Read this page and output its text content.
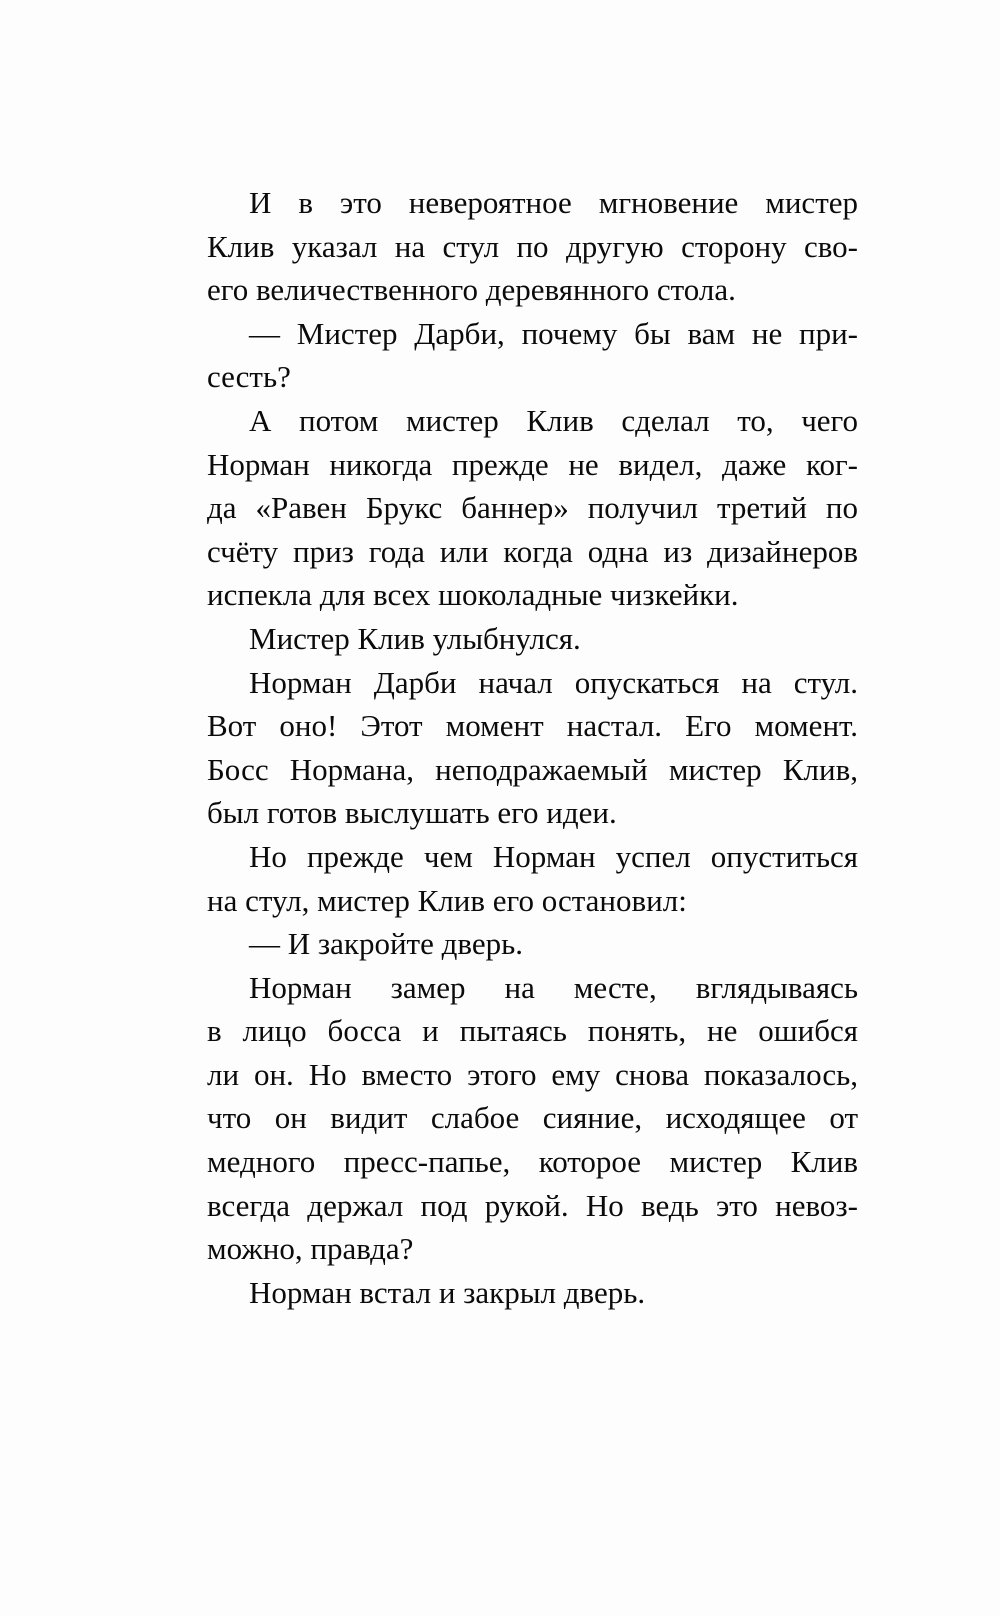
И в это невероятное мгновение мистер
Клив указал на стул по другую сторону сво-
его величественного деревянного стола.

— Мистер Дарби, почему бы вам не при-
сесть?

А потом мистер Клив сделал то, чего
Норман никогда прежде не видел, даже ког-
да «Равен Брукс баннер» получил третий по
счёту приз года или когда одна из дизайнеров
испекла для всех шоколадные чизкейки.

Мистер Клив улыбнулся.

Норман Дарби начал опускаться на стул.
Вот оно! Этот момент настал. Его момент.
Босс Нормана, неподражаемый мистер Клив,
был готов выслушать его идеи.

Но прежде чем Норман успел опуститься
на стул, мистер Клив его остановил:

— И закройте дверь.

Норман замер на месте, вглядываясь
в лицо босса и пытаясь понять, не ошибся
ли он. Но вместо этого ему снова показалось,
что он видит слабое сияние, исходящее от
медного пресс-папье, которое мистер Клив
всегда держал под рукой. Но ведь это невоз-
можно, правда?

Норман встал и закрыл дверь.
